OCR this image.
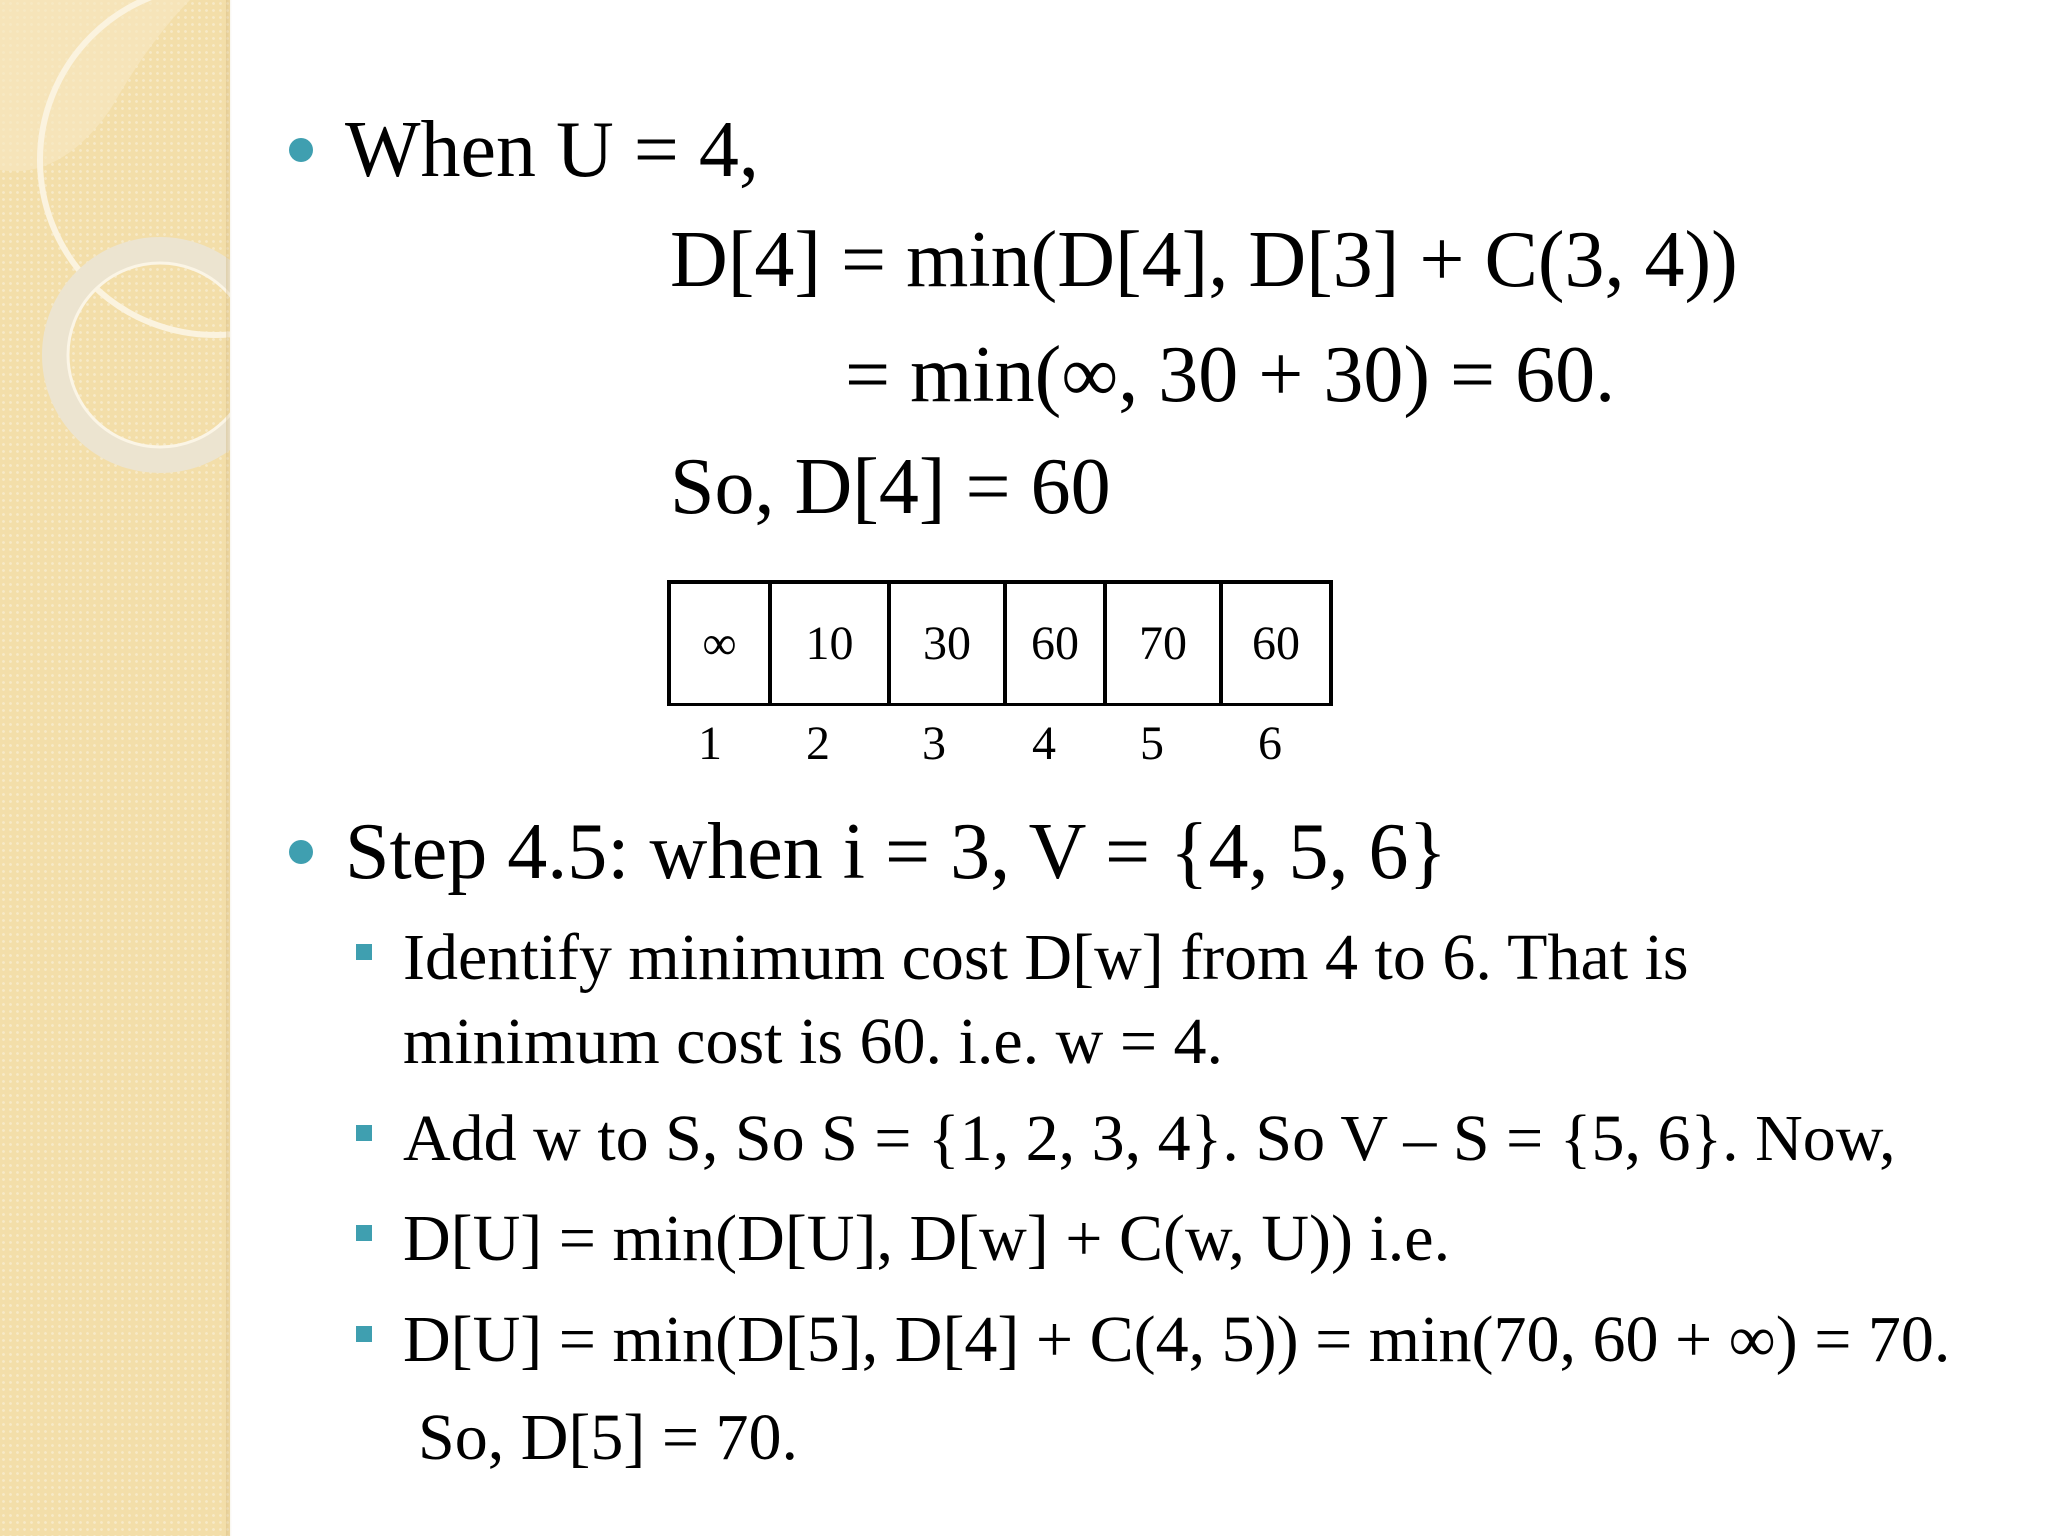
When U = 4,
D[4] = min(D[4], D[3] + C(3, 4))
= min(∞, 30 + 30) = 60.
So, D[4] = 60
∞	10	30	60	70	60
1	2	3	4	5	6
Step 4.5: when i = 3, V = {4, 5, 6}
Identify minimum cost D[w] from 4 to 6. That is
minimum cost is 60. i.e. w = 4.
Add w to S, So S = {1, 2, 3, 4}. So V – S = {5, 6}. Now,
D[U] = min(D[U], D[w] + C(w, U)) i.e.
D[U] = min(D[5], D[4] + C(4, 5)) = min(70, 60 + ∞) = 70.
So, D[5] = 70.
